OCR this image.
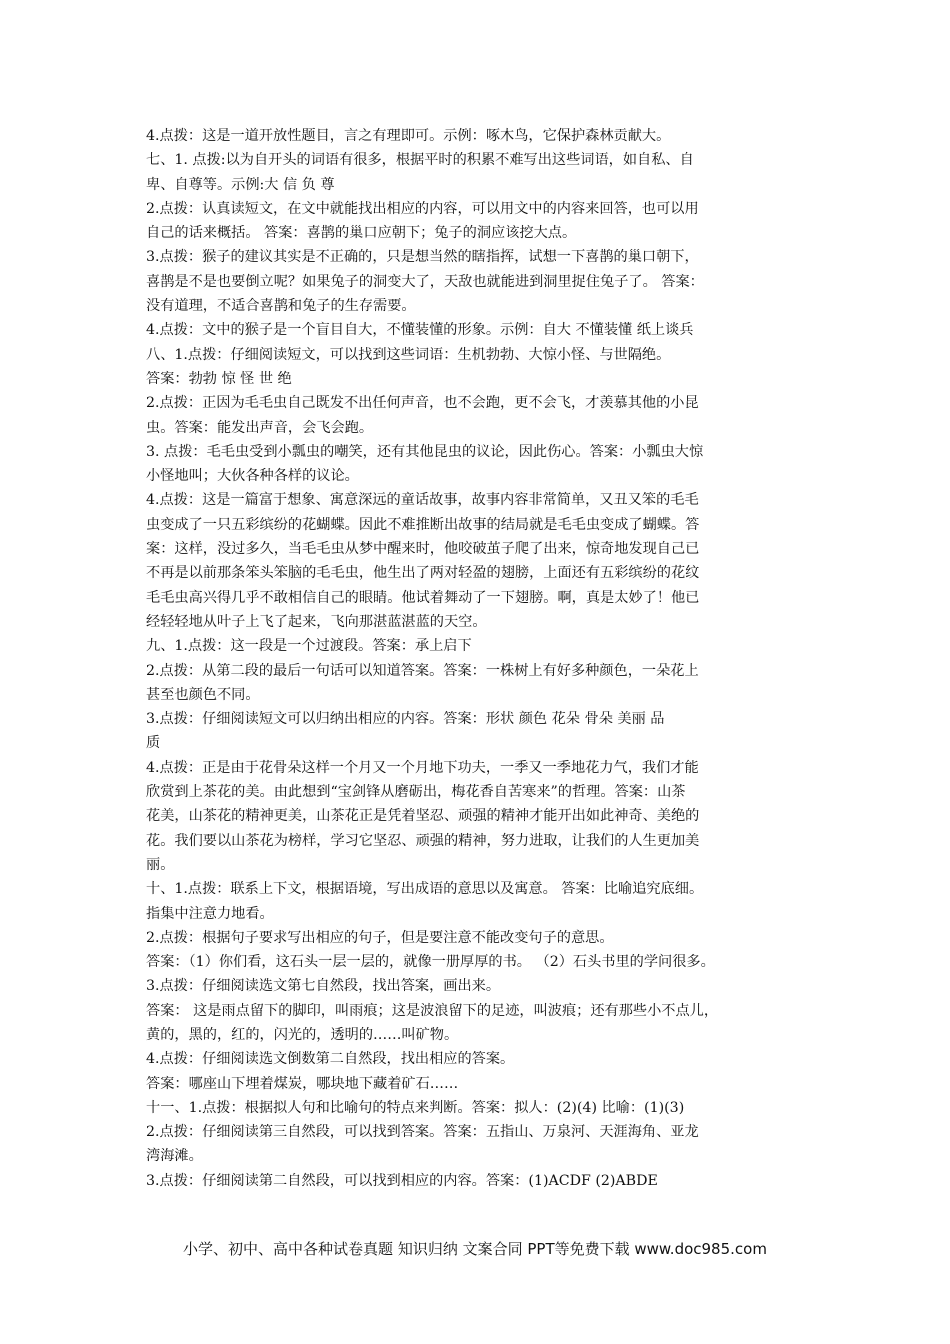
4.点拨：这是一道开放性题目，言之有理即可。示例：啄木鸟，它保护森林贡献大。
七、1. 点拨:以为自开头的词语有很多，根据平时的积累不难写出这些词语，如自私、自
卑、自尊等。示例:大 信 负 尊
2.点拨：认真读短文，在文中就能找出相应的内容，可以用文中的内容来回答，也可以用
自己的话来概括。 答案：喜鹊的巢口应朝下；兔子的洞应该挖大点。
3.点拨：猴子的建议其实是不正确的，只是想当然的瞎指挥，试想一下喜鹊的巢口朝下，
喜鹊是不是也要倒立呢？如果兔子的洞变大了，天敌也就能进到洞里捉住兔子了。 答案：
没有道理，不适合喜鹊和兔子的生存需要。
4.点拨：文中的猴子是一个盲目自大，不懂装懂的形象。示例：自大 不懂装懂 纸上谈兵
八、1.点拨：仔细阅读短文，可以找到这些词语：生机勃勃、大惊小怪、与世隔绝。
答案：勃勃 惊 怪 世 绝
2.点拨：正因为毛毛虫自己既发不出任何声音，也不会跑，更不会飞，才羡慕其他的小昆
虫。答案：能发出声音，会飞会跑。
3. 点拨：毛毛虫受到小瓢虫的嘲笑，还有其他昆虫的议论，因此伤心。答案：小瓢虫大惊
小怪地叫；大伙各种各样的议论。
4.点拨：这是一篇富于想象、寓意深远的童话故事，故事内容非常简单，又丑又笨的毛毛
虫变成了一只五彩缤纷的花蝴蝶。因此不难推断出故事的结局就是毛毛虫变成了蝴蝶。答
案：这样，没过多久，当毛毛虫从梦中醒来时，他咬破茧子爬了出来，惊奇地发现自己已
不再是以前那条笨头笨脑的毛毛虫，他生出了两对轻盈的翅膀，上面还有五彩缤纷的花纹
毛毛虫高兴得几乎不敢相信自己的眼睛。他试着舞动了一下翅膀。啊，真是太妙了！他已
经轻轻地从叶子上飞了起来，飞向那湛蓝湛蓝的天空。
九、1.点拨：这一段是一个过渡段。答案：承上启下
2.点拨：从第二段的最后一句话可以知道答案。答案：一株树上有好多种颜色，一朵花上
甚至也颜色不同。
3.点拨：仔细阅读短文可以归纳出相应的内容。答案：形状 颜色 花朵 骨朵 美丽 品
质
4.点拨：正是由于花骨朵这样一个月又一个月地下功夫，一季又一季地花力气，我们才能
欣赏到上茶花的美。由此想到“宝剑锋从磨砺出，梅花香自苦寒来”的哲理。答案：山茶
花美，山茶花的精神更美，山茶花正是凭着坚忍、顽强的精神才能开出如此神奇、美绝的
花。我们要以山茶花为榜样，学习它坚忍、顽强的精神，努力进取，让我们的人生更加美
丽。
十、1.点拨：联系上下文，根据语境，写出成语的意思以及寓意。 答案：比喻追究底细。
指集中注意力地看。
2.点拨：根据句子要求写出相应的句子，但是要注意不能改变句子的意思。
答案：（1）你们看，这石头一层一层的，就像一册厚厚的书。 （2）石头书里的学问很多。
3.点拨：仔细阅读选文第七自然段，找出答案，画出来。
答案： 这是雨点留下的脚印，叫雨痕；这是波浪留下的足迹，叫波痕；还有那些小不点儿，
黄的，黑的，红的，闪光的，透明的……叫矿物。
4.点拨：仔细阅读选文倒数第二自然段，找出相应的答案。
答案：哪座山下埋着煤炭，哪块地下藏着矿石……
十一、1.点拨：根据拟人句和比喻句的特点来判断。答案：拟人：(2)(4) 比喻：(1)(3)
2.点拨：仔细阅读第三自然段，可以找到答案。答案：五指山、万泉河、天涯海角、亚龙
湾海滩。
3.点拨：仔细阅读第二自然段，可以找到相应的内容。答案：(1)ACDF (2)ABDE
小学、初中、高中各种试卷真题 知识归纳 文案合同 PPT等免费下载 www.doc985.com
